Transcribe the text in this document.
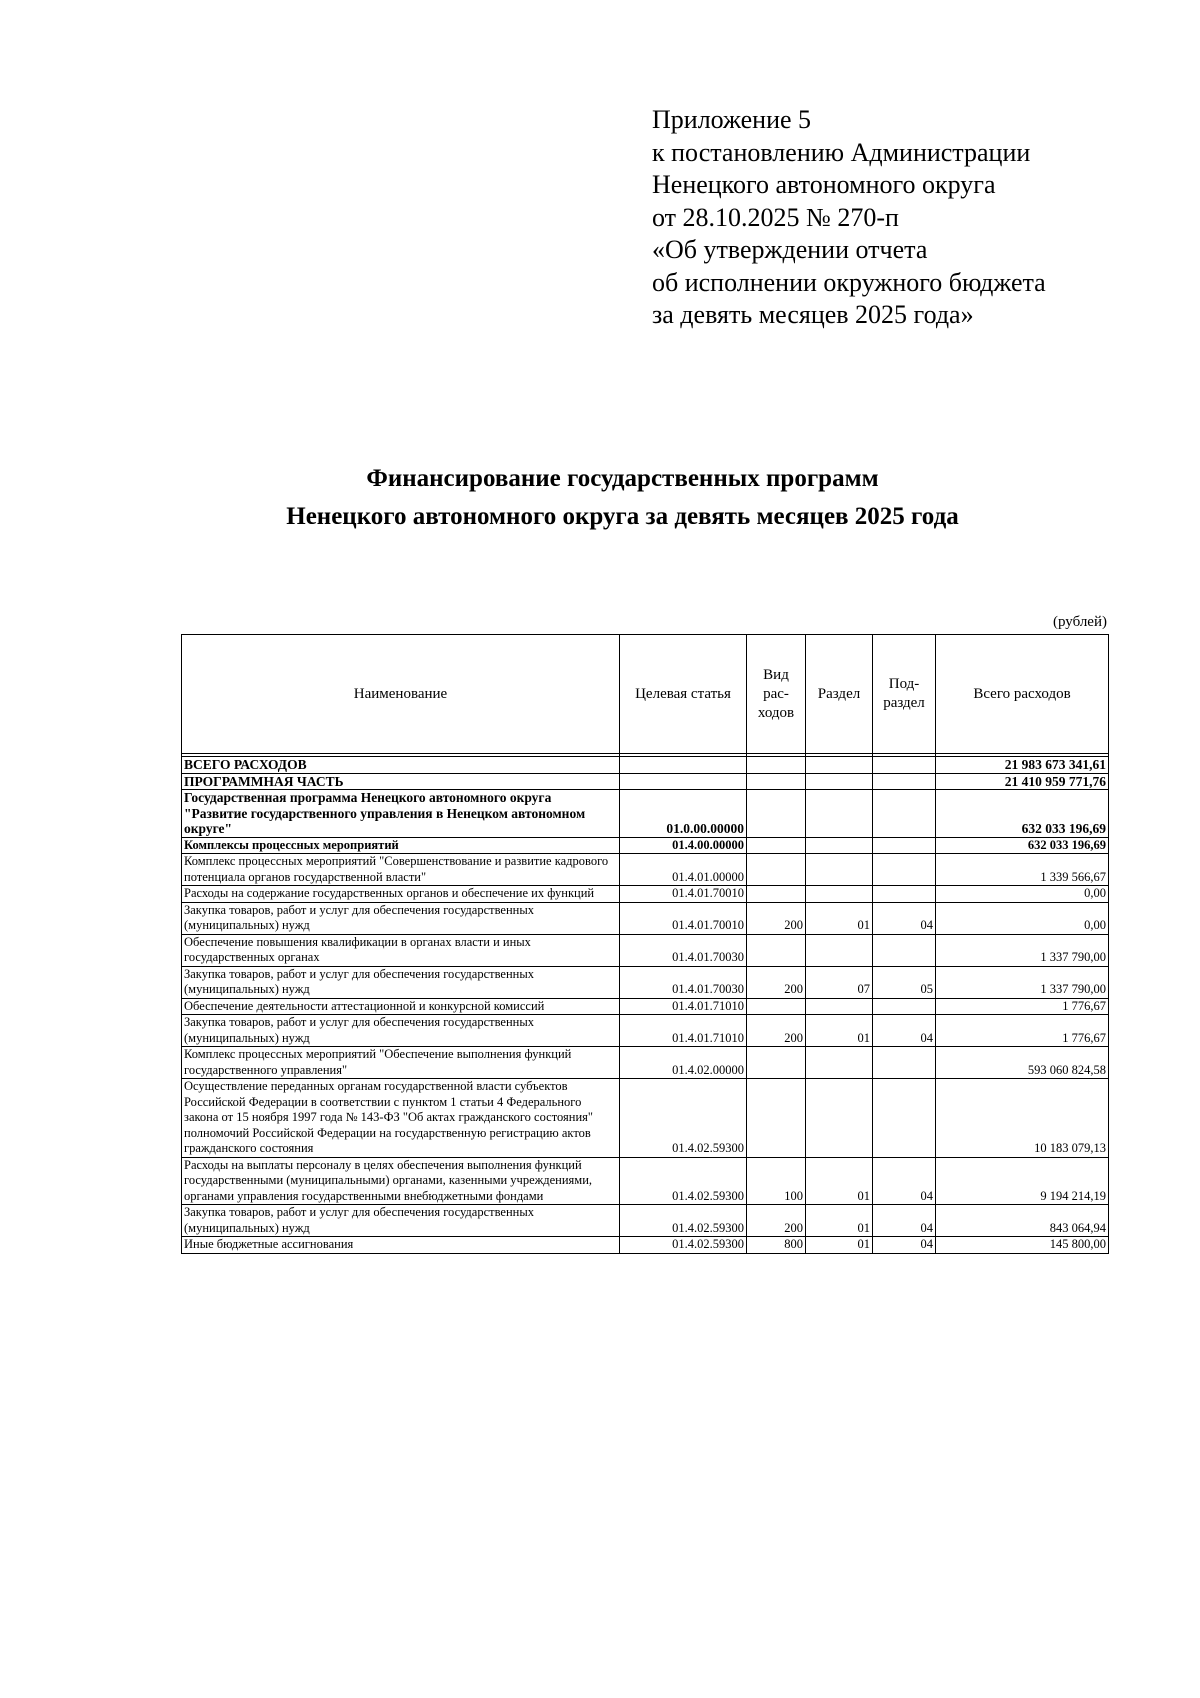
Приложение 5
к постановлению Администрации
Ненецкого автономного округа
от 28.10.2025 № 270-п
«Об утверждении отчета
об исполнении окружного бюджета
за девять месяцев 2025 года»
Финансирование государственных программ
Ненецкого автономного округа за девять месяцев 2025 года
(рублей)
Наименование	Целевая статья	Вид рас- ходов	Раздел	Под- раздел	Всего расходов

ВСЕГО РАСХОДОВ					21 983 673 341,61
ПРОГРАММНАЯ ЧАСТЬ					21 410 959 771,76
Государственная программа Ненецкого автономного округа "Развитие государственного управления в Ненецком автономном округе"	01.0.00.00000				632 033 196,69
Комплексы процессных мероприятий	01.4.00.00000				632 033 196,69
Комплекс процессных мероприятий "Совершенствование и развитие кадрового потенциала органов государственной власти"	01.4.01.00000				1 339 566,67
Расходы на содержание государственных органов и обеспечение их функций	01.4.01.70010				0,00
Закупка товаров, работ и услуг для обеспечения государственных (муниципальных) нужд	01.4.01.70010	200	01	04	0,00
Обеспечение повышения квалификации в органах власти и иных государственных органах	01.4.01.70030				1 337 790,00
Закупка товаров, работ и услуг для обеспечения государственных (муниципальных) нужд	01.4.01.70030	200	07	05	1 337 790,00
Обеспечение деятельности аттестационной и конкурсной комиссий	01.4.01.71010				1 776,67
Закупка товаров, работ и услуг для обеспечения государственных (муниципальных) нужд	01.4.01.71010	200	01	04	1 776,67
Комплекс процессных мероприятий "Обеспечение выполнения функций государственного управления"	01.4.02.00000				593 060 824,58
Осуществление переданных органам государственной власти субъектов Российской Федерации в соответствии с пунктом 1 статьи 4 Федерального закона от 15 ноября 1997 года № 143-ФЗ "Об актах гражданского состояния" полномочий Российской Федерации на государственную регистрацию актов гражданского состояния	01.4.02.59300				10 183 079,13
Расходы на выплаты персоналу в целях обеспечения выполнения функций государственными (муниципальными) органами, казенными учреждениями, органами управления государственными внебюджетными фондами	01.4.02.59300	100	01	04	9 194 214,19
Закупка товаров, работ и услуг для обеспечения государственных (муниципальных) нужд	01.4.02.59300	200	01	04	843 064,94
Иные бюджетные ассигнования	01.4.02.59300	800	01	04	145 800,00
